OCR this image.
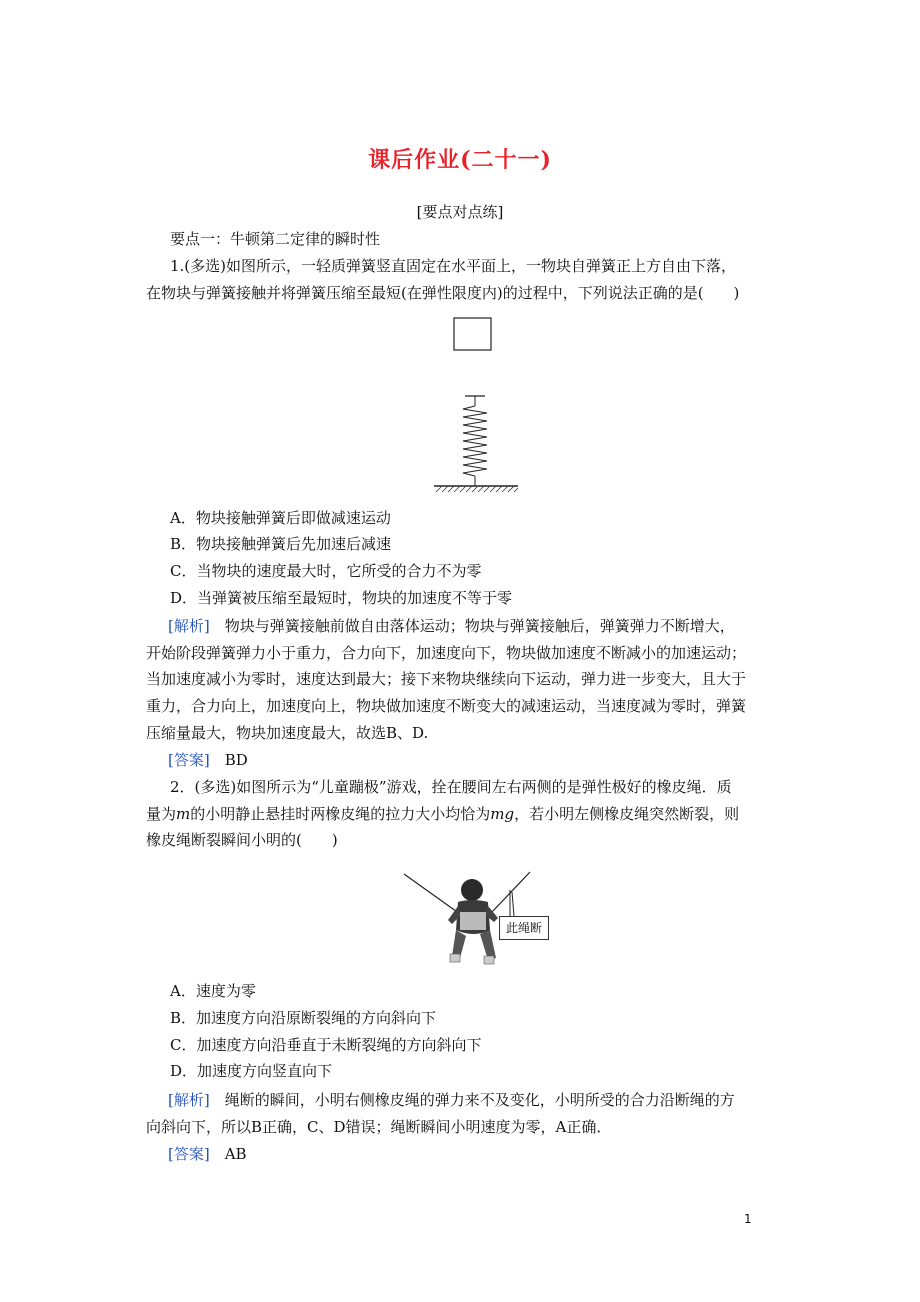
课后作业(二十一)
[要点对点练]
要点一：牛顿第二定律的瞬时性
1.(多选)如图所示，一轻质弹簧竖直固定在水平面上，一物块自弹簧正上方自由下落，
在物块与弹簧接触并将弹簧压缩至最短(在弹性限度内)的过程中，下列说法正确的是(　　)
A．物块接触弹簧后即做减速运动
B．物块接触弹簧后先加速后减速
C．当物块的速度最大时，它所受的合力不为零
D．当弹簧被压缩至最短时，物块的加速度不等于零
[解析]　物块与弹簧接触前做自由落体运动；物块与弹簧接触后，弹簧弹力不断增大，
开始阶段弹簧弹力小于重力，合力向下，加速度向下，物块做加速度不断减小的加速运动；
当加速度减小为零时，速度达到最大；接下来物块继续向下运动，弹力进一步变大，且大于
重力，合力向上，加速度向上，物块做加速度不断变大的减速运动，当速度减为零时，弹簧
压缩量最大，物块加速度最大，故选B、D.
[答案]　BD
2．(多选)如图所示为“儿童蹦极”游戏，拴在腰间左右两侧的是弹性极好的橡皮绳．质
量为m的小明静止悬挂时两橡皮绳的拉力大小均恰为mg，若小明左侧橡皮绳突然断裂，则
橡皮绳断裂瞬间小明的(　　)
此绳断
A．速度为零
B．加速度方向沿原断裂绳的方向斜向下
C．加速度方向沿垂直于未断裂绳的方向斜向下
D．加速度方向竖直向下
[解析]　绳断的瞬间，小明右侧橡皮绳的弹力来不及变化，小明所受的合力沿断绳的方
向斜向下，所以B正确，C、D错误；绳断瞬间小明速度为零，A正确．
[答案]　AB
1
